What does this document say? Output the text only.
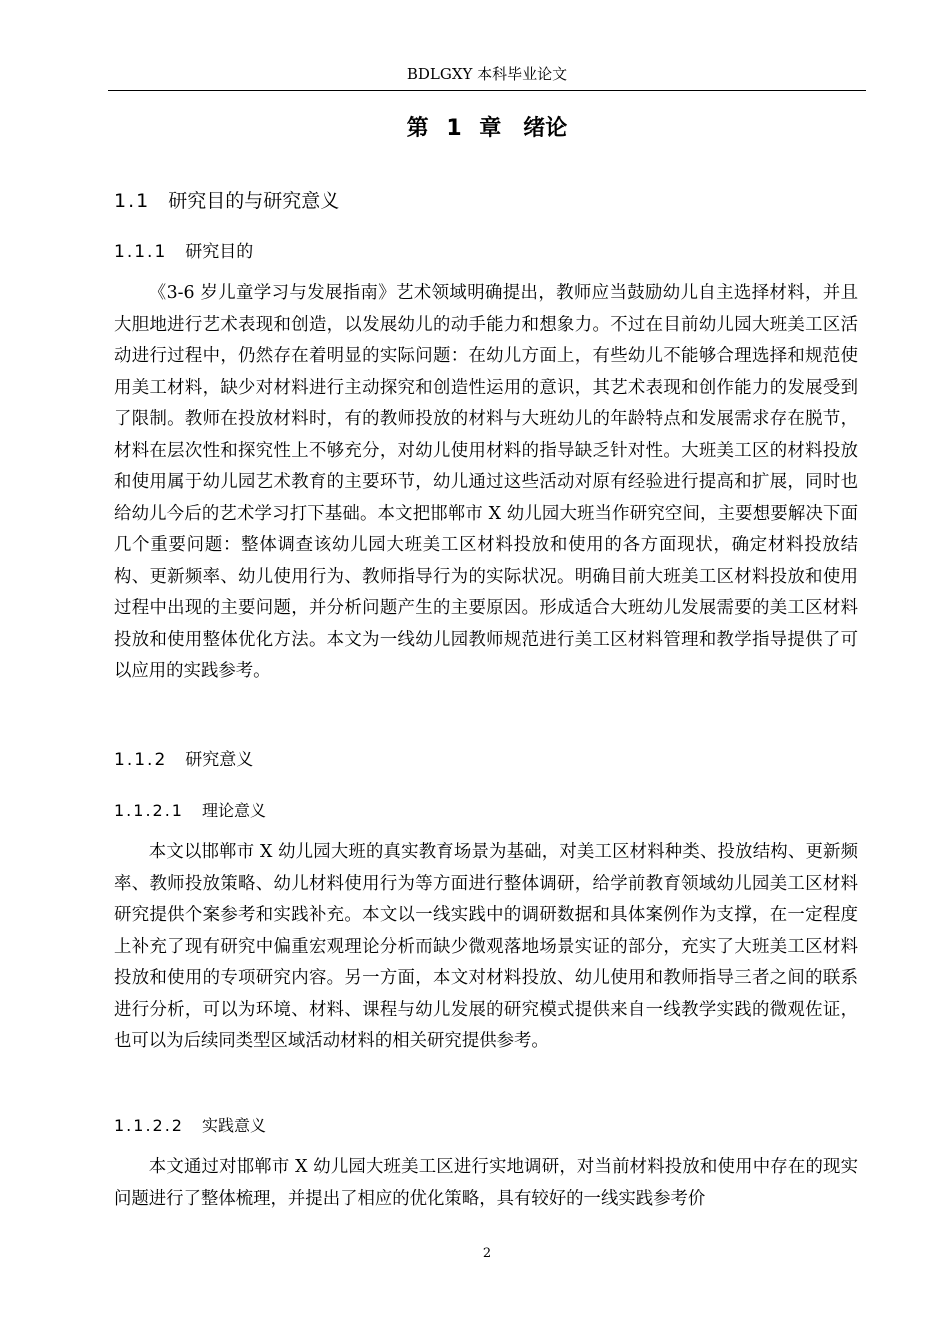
BDLGXY 本科毕业论文
第 1 章　绪论
1.1 研究目的与研究意义
1.1.1 研究目的

《3-6 岁儿童学习与发展指南》艺术领域明确提出，教师应当鼓励幼儿自主选择材料，并且大胆地进行艺术表现和创造，以发展幼儿的动手能力和想象力。不过在目前幼儿园大班美工区活动进行过程中，仍然存在着明显的实际问题：在幼儿方面上，有些幼儿不能够合理选择和规范使用美工材料，缺少对材料进行主动探究和创造性运用的意识，其艺术表现和创作能力的发展受到了限制。教师在投放材料时，有的教师投放的材料与大班幼儿的年龄特点和发展需求存在脱节，材料在层次性和探究性上不够充分，对幼儿使用材料的指导缺乏针对性。大班美工区的材料投放和使用属于幼儿园艺术教育的主要环节，幼儿通过这些活动对原有经验进行提高和扩展，同时也给幼儿今后的艺术学习打下基础。本文把邯郸市 X 幼儿园大班当作研究空间，主要想要解决下面几个重要问题：整体调查该幼儿园大班美工区材料投放和使用的各方面现状，确定材料投放结构、更新频率、幼儿使用行为、教师指导行为的实际状况。明确目前大班美工区材料投放和使用过程中出现的主要问题，并分析问题产生的主要原因。形成适合大班幼儿发展需要的美工区材料投放和使用整体优化方法。本文为一线幼儿园教师规范进行美工区材料管理和教学指导提供了可以应用的实践参考。

1.1.2 研究意义
1.1.2.1 理论意义

本文以邯郸市 X 幼儿园大班的真实教育场景为基础，对美工区材料种类、投放结构、更新频率、教师投放策略、幼儿材料使用行为等方面进行整体调研，给学前教育领域幼儿园美工区材料研究提供个案参考和实践补充。本文以一线实践中的调研数据和具体案例作为支撑，在一定程度上补充了现有研究中偏重宏观理论分析而缺少微观落地场景实证的部分，充实了大班美工区材料投放和使用的专项研究内容。另一方面，本文对材料投放、幼儿使用和教师指导三者之间的联系进行分析，可以为环境、材料、课程与幼儿发展的研究模式提供来自一线教学实践的微观佐证，也可以为后续同类型区域活动材料的相关研究提供参考。

1.1.2.2 实践意义

本文通过对邯郸市 X 幼儿园大班美工区进行实地调研，对当前材料投放和使用中存在的现实问题进行了整体梳理，并提出了相应的优化策略，具有较好的一线实践参考价

2
